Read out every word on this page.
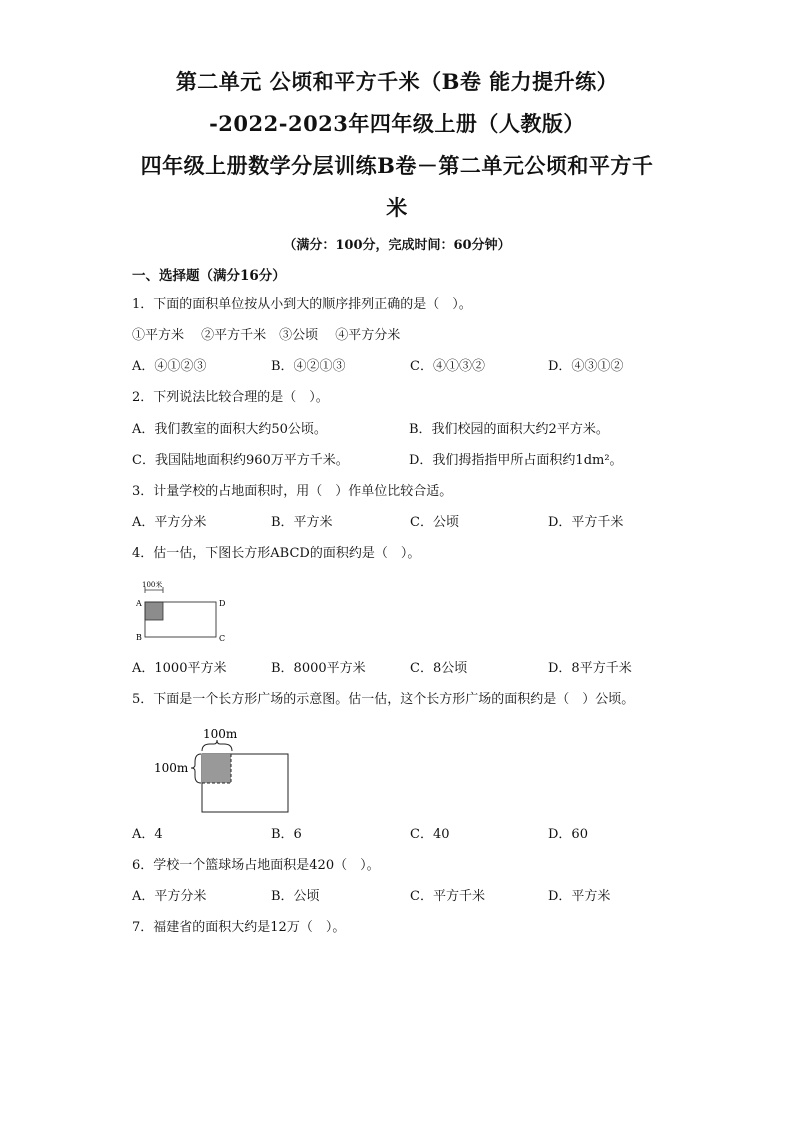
第二单元 公顷和平方千米（B卷 能力提升练）
-2022-2023年四年级上册（人教版）
四年级上册数学分层训练B卷－第二单元公顷和平方千
米
（满分：100分，完成时间：60分钟）
一、选择题（满分16分）
1．下面的面积单位按从小到大的顺序排列正确的是（　）。
①平方米　 ②平方千米　③公顷　 ④平方分米
A．④①②③	B．④②①③	C．④①③②	D．④③①②
2．下列说法比较合理的是（　）。
A．我们教室的面积大约50公顷。	B．我们校园的面积大约2平方米。
C．我国陆地面积约960万平方千米。	D．我们拇指指甲所占面积约1dm²。
3．计量学校的占地面积时，用（　）作单位比较合适。
A．平方分米	B．平方米	C．公顷	D．平方千米
4．估一估，下图长方形ABCD的面积约是（　）。
100米
A
B	C
D
A．1000平方米	B．8000平方米	C．8公顷	D．8平方千米
5．下面是一个长方形广场的示意图。估一估，这个长方形广场的面积约是（　）公顷。
100m
100m
A．4	B．6	C．40	D．60
6．学校一个篮球场占地面积是420（　）。
A．平方分米	B．公顷	C．平方千米	D．平方米
7．福建省的面积大约是12万（　）。
